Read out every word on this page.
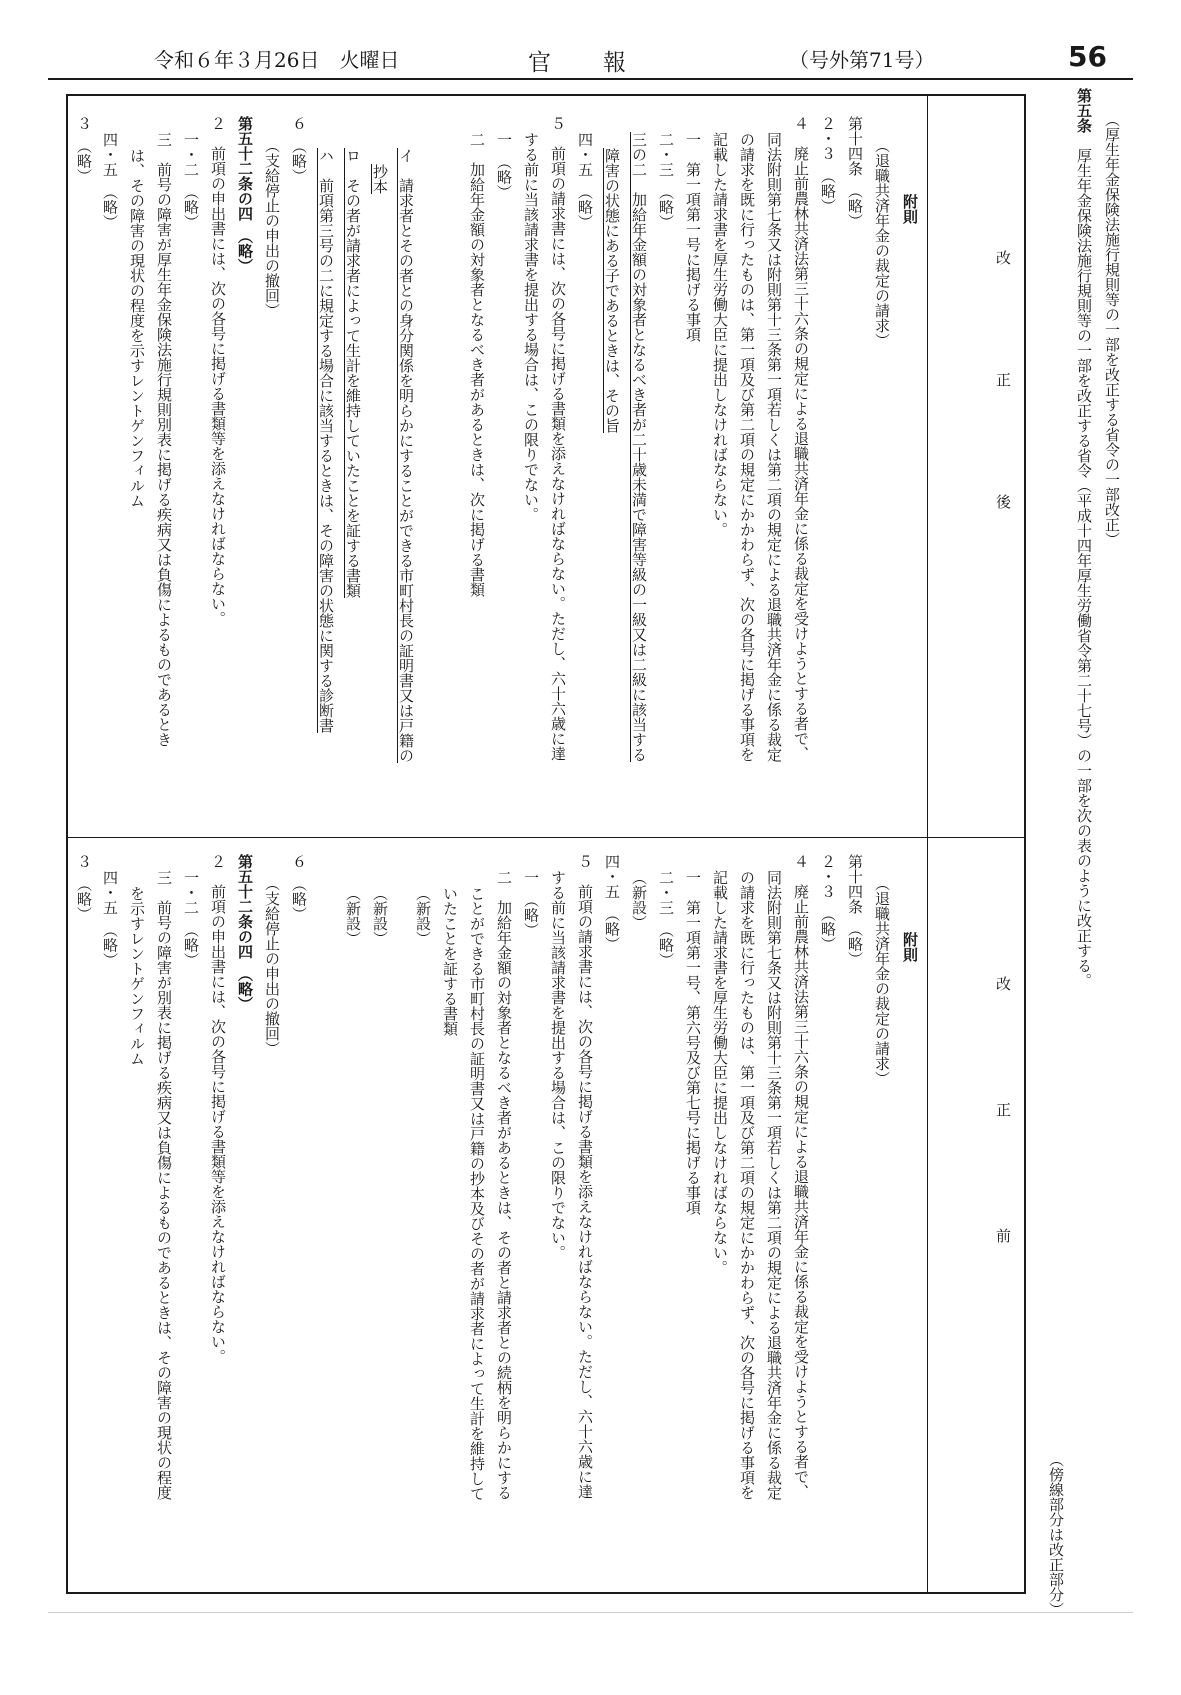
令和６年３月26日　火曜日	官　　報	（号外第71号）	56
（厚生年金保険法施行規則等の一部を改正する省令の一部改正）
第五条　厚生年金保険法施行規則等の一部を改正する省令（平成十四年厚生労働省令第二十七号）の一部を次の表のように改正する。
（傍線部分は改正部分）
改
正
後
改
正
前
附則
（退職共済年金の裁定の請求）
第十四条　（略）
２・３　（略）
４　廃止前農林共済法第三十六条の規定による退職共済年金に係る裁定を受けようとする者で、
同法附則第七条又は附則第十三条第一項若しくは第二項の規定による退職共済年金に係る裁定
の請求を既に行ったものは、第一項及び第二項の規定にかかわらず、次の各号に掲げる事項を
記載した請求書を厚生労働大臣に提出しなければならない。
一　第一項第一号に掲げる事項
二・三　（略）
三の二　加給年金額の対象者となるべき者が二十歳未満で障害等級の一級又は二級に該当する
障害の状態にある子であるときは、その旨
四・五　（略）
５　前項の請求書には、次の各号に掲げる書類を添えなければならない。ただし、六十六歳に達
する前に当該請求書を提出する場合は、この限りでない。
一　（略）
二　加給年金額の対象者となるべき者があるときは、次に掲げる書類
イ　請求者とその者との身分関係を明らかにすることができる市町村長の証明書又は戸籍の
抄本
ロ　その者が請求者によって生計を維持していたことを証する書類
ハ　前項第三号の二に規定する場合に該当するときは、その障害の状態に関する診断書
６　（略）
（支給停止の申出の撤回）
第五十二条の四　（略）
２　前項の申出書には、次の各号に掲げる書類等を添えなければならない。
一・二　（略）
三　前号の障害が厚生年金保険法施行規則別表に掲げる疾病又は負傷によるものであるとき
は、その障害の現状の程度を示すレントゲンフィルム
四・五　（略）
３　（略）
附則
（退職共済年金の裁定の請求）
第十四条　（略）
２・３　（略）
４　廃止前農林共済法第三十六条の規定による退職共済年金に係る裁定を受けようとする者で、
同法附則第七条又は附則第十三条第一項若しくは第二項の規定による退職共済年金に係る裁定
の請求を既に行ったものは、第一項及び第二項の規定にかかわらず、次の各号に掲げる事項を
記載した請求書を厚生労働大臣に提出しなければならない。
一　第一項第一号、第六号及び第七号に掲げる事項
二・三　（略）
（新設）
四・五　（略）
５　前項の請求書には、次の各号に掲げる書類を添えなければならない。ただし、六十六歳に達
する前に当該請求書を提出する場合は、この限りでない。
一　（略）
二　加給年金額の対象者となるべき者があるときは、その者と請求者との続柄を明らかにする
ことができる市町村長の証明書又は戸籍の抄本及びその者が請求者によって生計を維持して
いたことを証する書類
（新設）
（新設）
（新設）
６　（略）
（支給停止の申出の撤回）
第五十二条の四　（略）
２　前項の申出書には、次の各号に掲げる書類等を添えなければならない。
一・二　（略）
三　前号の障害が別表に掲げる疾病又は負傷によるものであるときは、その障害の現状の程度
を示すレントゲンフィルム
四・五　（略）
３　（略）
